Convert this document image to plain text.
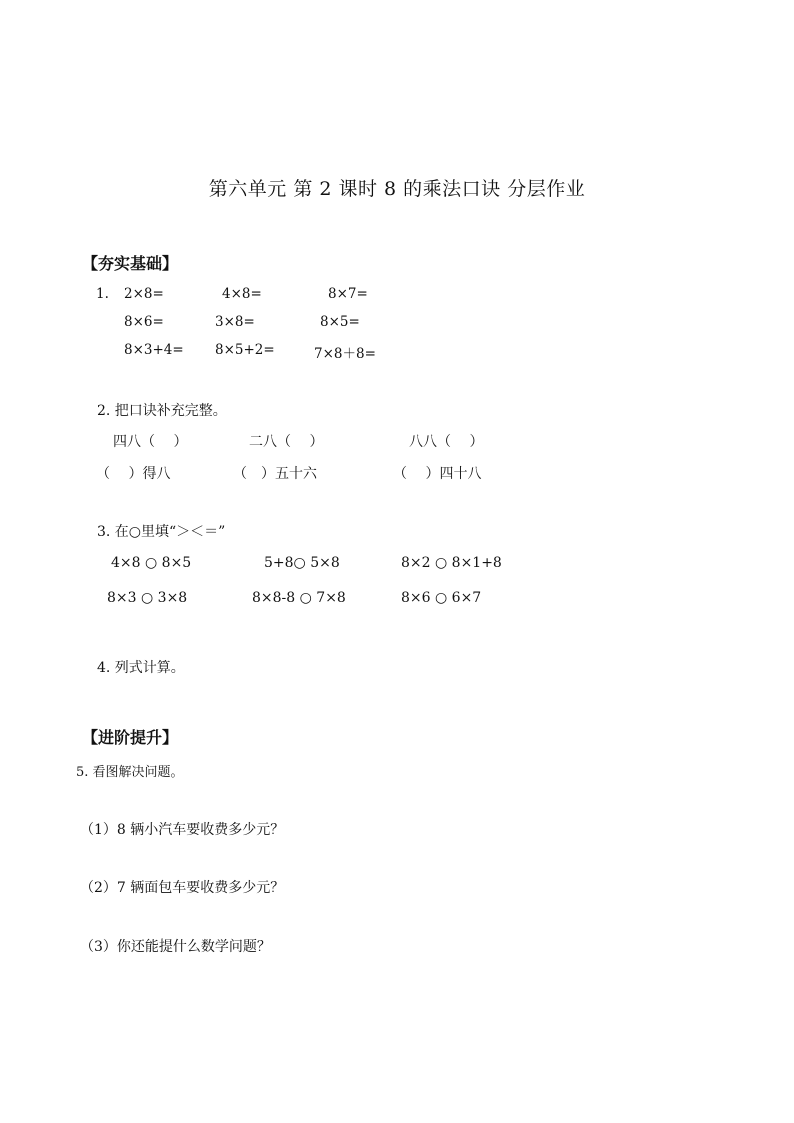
第六单元 第 2 课时 8 的乘法口诀 分层作业
【夯实基础】
1. 2×8=	4×8=	8×7=
8×6=	3×8=	8×5=
8×3+4= 8×5+2=	7×8＋8=
2. 把口诀补充完整。
四八（　 ）	二八（　 ）	八八（　 ）
（　 ）得八	（　）五十六	（　 ）四十八
3. 在○里填“＞＜＝”
4×8 ○ 8×5	5+8○ 5×8	8×2 ○ 8×1+8
8×3 ○ 3×8	8×8-8 ○ 7×8	8×6 ○ 6×7
4. 列式计算。
【进阶提升】
5. 看图解决问题。
（1）8 辆小汽车要收费多少元？
（2）7 辆面包车要收费多少元？
（3）你还能提什么数学问题？
